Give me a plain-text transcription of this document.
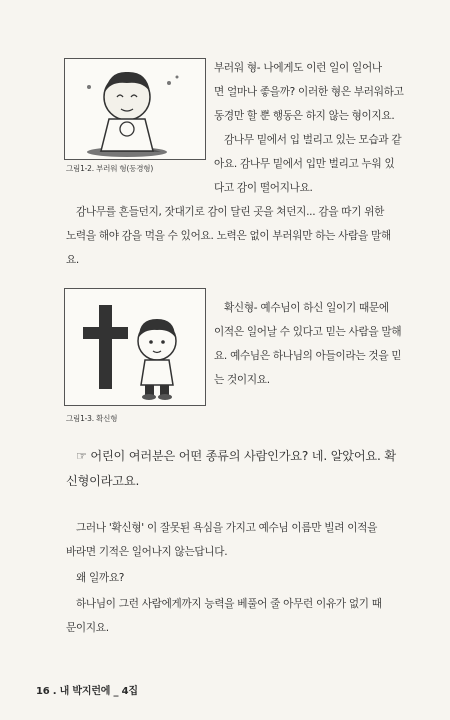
그림1-2. 부러워 형(동경형)

부러워 형- 나에게도 이런 일이 일어나
면 얼마나 좋을까? 이러한 형은 부러워하고
동경만 할 뿐 행동은 하지 않는 형이지요.
감나무 밑에서 입 벌리고 있는 모습과 같
아요. 감나무 밑에서 입만 벌리고 누워 있
다고 감이 떨어지나요.
감나무를 흔들던지, 잣대기로 감이 달린 곳을 쳐던지... 감을 따기 위한
노력을 해야 감을 먹을 수 있어요. 노력은 없이 부러워만 하는 사람을 말해
요.
그림1-3. 확신형
확신형- 예수님이 하신 일이기 때문에
이적은 일어날 수 있다고 믿는 사람을 말해
요. 예수님은 하나님의 아들이라는 것을 믿
는 것이지요.
☞ 어린이 여러분은 어떤 종류의 사람인가요? 네. 알았어요. 확
신형이라고요.
그러나 '확신형' 이 잘못된 욕심을 가지고 예수님 이름만 빌려 이적을
바라면 기적은 일어나지 않는답니다.
왜 일까요?
하나님이 그런 사람에게까지 능력을 베풀어 줄 아무런 이유가 없기 때
문이지요.
16 . 내 박지런에 _ 4집
